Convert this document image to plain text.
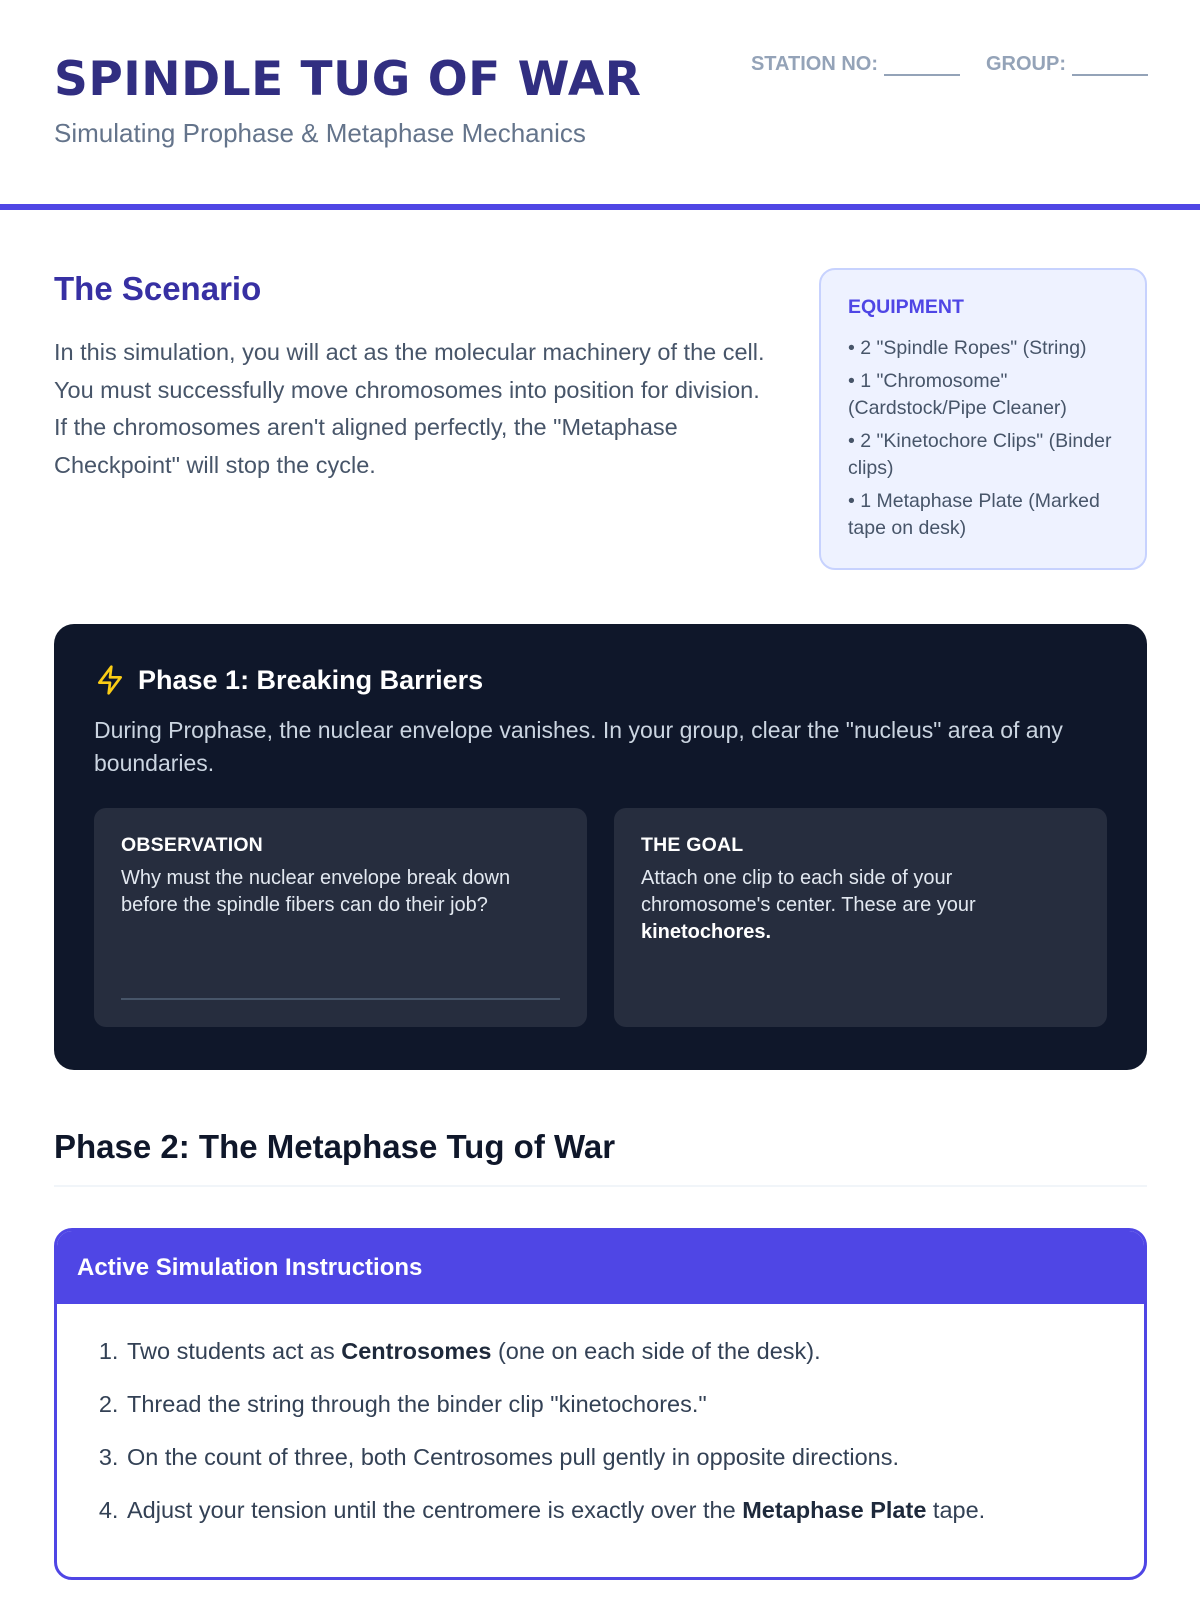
SPINDLE TUG OF WAR
Simulating Prophase & Metaphase Mechanics
STATION NO:	GROUP:
The Scenario

In this simulation, you will act as the molecular machinery of the cell. You must successfully move chromosomes into position for division. If the chromosomes aren't aligned perfectly, the "Metaphase Checkpoint" will stop the cycle.

EQUIPMENT
• 2 "Spindle Ropes" (String)
• 1 "Chromosome" (Cardstock/Pipe Cleaner)
• 2 "Kinetochore Clips" (Binder clips)
• 1 Metaphase Plate (Marked tape on desk)
Phase 1: Breaking Barriers

During Prophase, the nuclear envelope vanishes. In your group, clear the "nucleus" area of any boundaries.

OBSERVATION

Why must the nuclear envelope break down before the spindle fibers can do their job?

THE GOAL

Attach one clip to each side of your chromosome's center. These are your kinetochores.

Phase 2: The Metaphase Tug of War
Active Simulation Instructions
1. Two students act as Centrosomes (one on each side of the desk).
2. Thread the string through the binder clip "kinetochores."
3. On the count of three, both Centrosomes pull gently in opposite directions.
4. Adjust your tension until the centromere is exactly over the Metaphase Plate tape.
